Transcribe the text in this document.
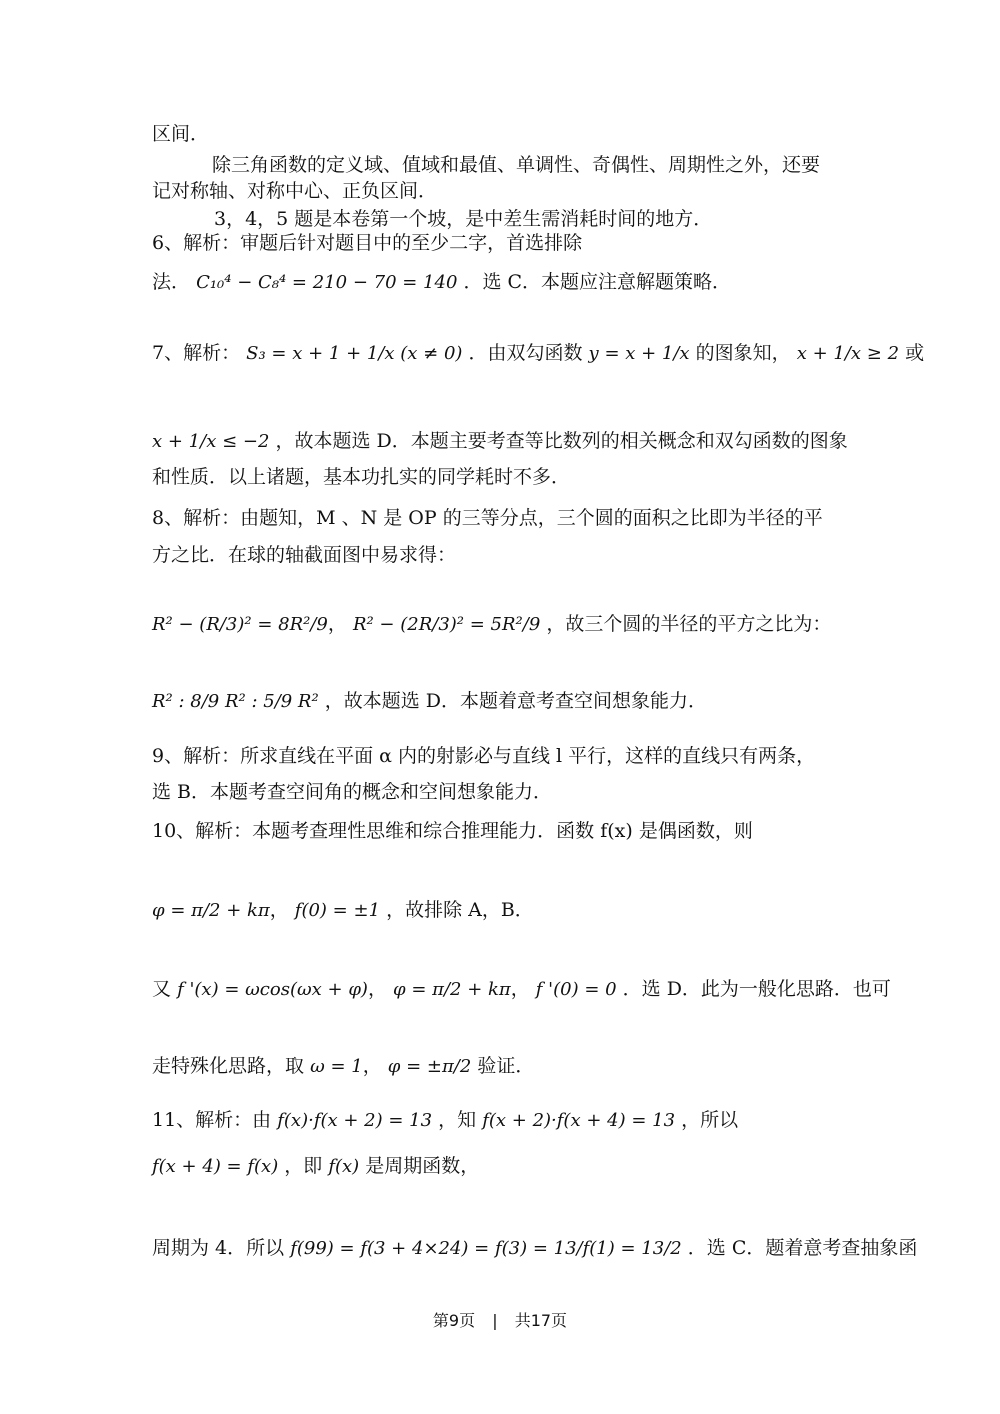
区间．
除三角函数的定义域、值域和最值、单调性、奇偶性、周期性之外，还要
记对称轴、对称中心、正负区间．
3，4，5 题是本卷第一个坡，是中差生需消耗时间的地方．
6、解析：审题后针对题目中的至少二字，首选排除
法． C₁₀⁴ − C₈⁴ = 210 − 70 = 140 ．选 C．本题应注意解题策略．
7、解析： S₃ = x + 1 + 1/x (x ≠ 0) ．由双勾函数 y = x + 1/x 的图象知， x + 1/x ≥ 2 或
x + 1/x ≤ −2 ，故本题选 D．本题主要考查等比数列的相关概念和双勾函数的图象
和性质．以上诸题，基本功扎实的同学耗时不多．
8、解析：由题知，M 、N 是 OP 的三等分点，三个圆的面积之比即为半径的平
方之比．在球的轴截面图中易求得：
R² − (R/3)² = 8R²/9， R² − (2R/3)² = 5R²/9 ，故三个圆的半径的平方之比为：
R² : 8/9 R² : 5/9 R² ，故本题选 D．本题着意考查空间想象能力．
9、解析：所求直线在平面 α 内的射影必与直线 l 平行，这样的直线只有两条，
选 B．本题考查空间角的概念和空间想象能力．
10、解析：本题考查理性思维和综合推理能力．函数 f(x) 是偶函数，则
φ = π/2 + kπ， f(0) = ±1 ，故排除 A，B．
又 f '(x) = ωcos(ωx + φ)， φ = π/2 + kπ， f '(0) = 0 ．选 D．此为一般化思路．也可
走特殊化思路，取 ω = 1， φ = ±π/2 验证．
11、解析：由 f(x)·f(x + 2) = 13 ，知 f(x + 2)·f(x + 4) = 13 ，所以
f(x + 4) = f(x) ，即 f(x) 是周期函数，
周期为 4．所以 f(99) = f(3 + 4×24) = f(3) = 13/f(1) = 13/2 ．选 C．题着意考查抽象函
第9页 | 共17页
